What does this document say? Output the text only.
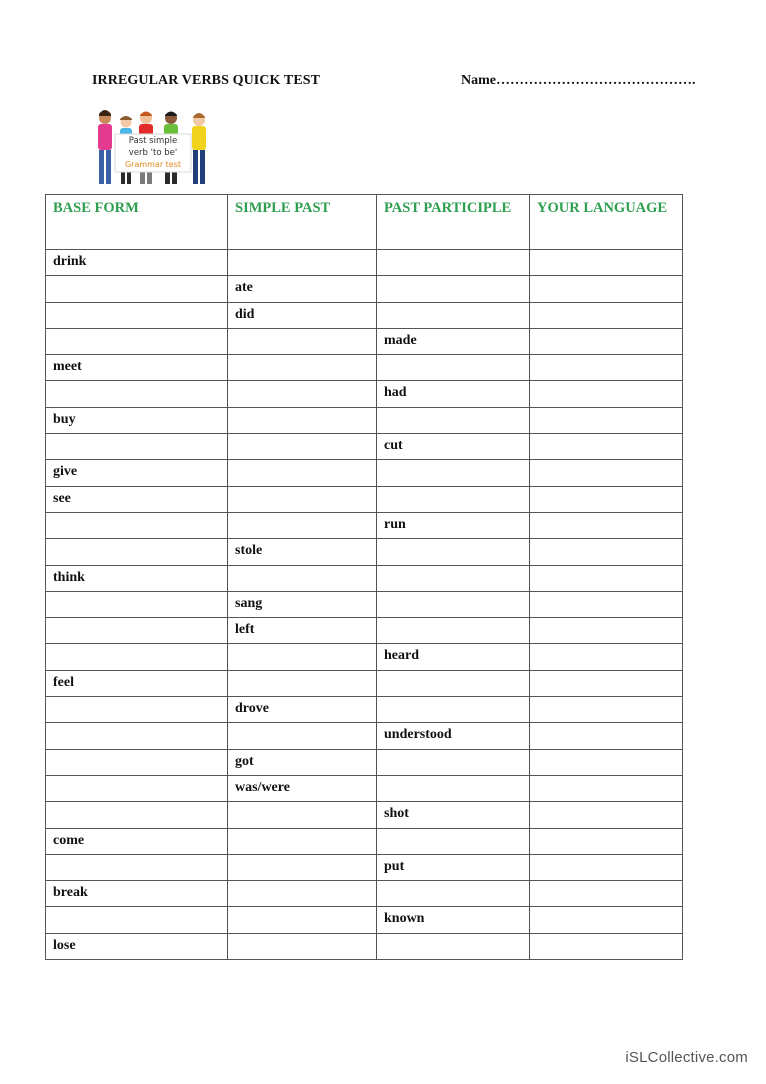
IRREGULAR VERBS QUICK TEST	Name…………………………………….
Past simple
verb 'to be'
Grammar test
BASE FORM	SIMPLE PAST	PAST PARTICIPLE	YOUR LANGUAGE
drink			
	ate		
	did		
		made	
meet			
		had	
buy			
		cut	
give			
see			
		run	
	stole		
think			
	sang		
	left		
		heard	
feel			
	drove		
		understood	
	got		
	was/were		
		shot	
come			
		put	
break			
		known	
lose			
iSLCollective.com
